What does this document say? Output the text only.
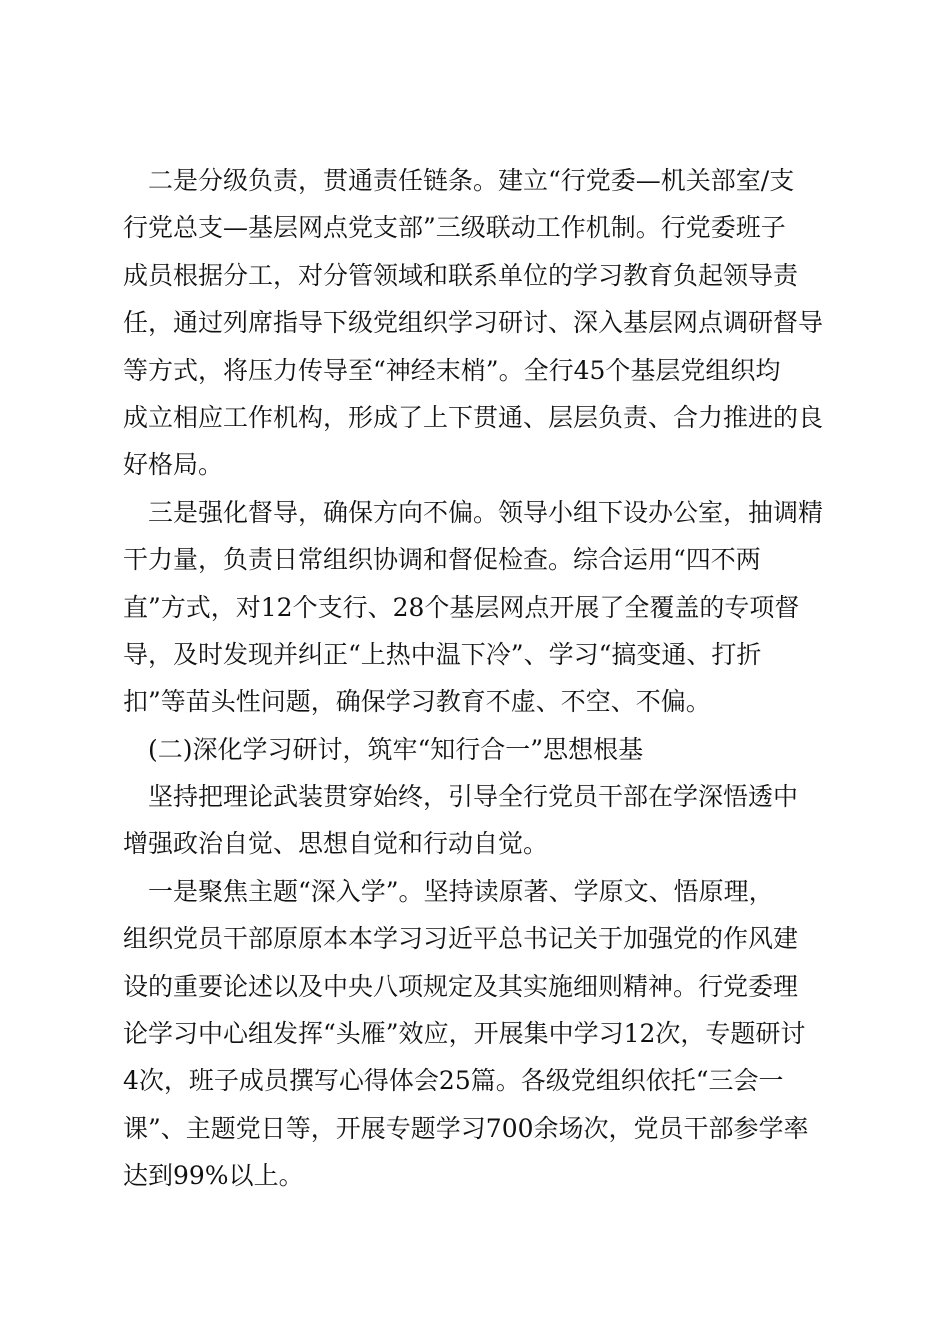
　二是分级负责，贯通责任链条。建立“行党委—机关部室/支
行党总支—基层网点党支部”三级联动工作机制。行党委班子
成员根据分工，对分管领域和联系单位的学习教育负起领导责
任，通过列席指导下级党组织学习研讨、深入基层网点调研督导
等方式，将压力传导至“神经末梢”。全行45个基层党组织均
成立相应工作机构，形成了上下贯通、层层负责、合力推进的良
好格局。
　三是强化督导，确保方向不偏。领导小组下设办公室，抽调精
干力量，负责日常组织协调和督促检查。综合运用“四不两
直”方式，对12个支行、28个基层网点开展了全覆盖的专项督
导，及时发现并纠正“上热中温下冷”、学习“搞变通、打折
扣”等苗头性问题，确保学习教育不虚、不空、不偏。
　(二)深化学习研讨，筑牢“知行合一”思想根基
　坚持把理论武装贯穿始终，引导全行党员干部在学深悟透中
增强政治自觉、思想自觉和行动自觉。
　一是聚焦主题“深入学”。坚持读原著、学原文、悟原理，
组织党员干部原原本本学习习近平总书记关于加强党的作风建
设的重要论述以及中央八项规定及其实施细则精神。行党委理
论学习中心组发挥“头雁”效应，开展集中学习12次，专题研讨
4次，班子成员撰写心得体会25篇。各级党组织依托“三会一
课”、主题党日等，开展专题学习700余场次，党员干部参学率
达到99%以上。
